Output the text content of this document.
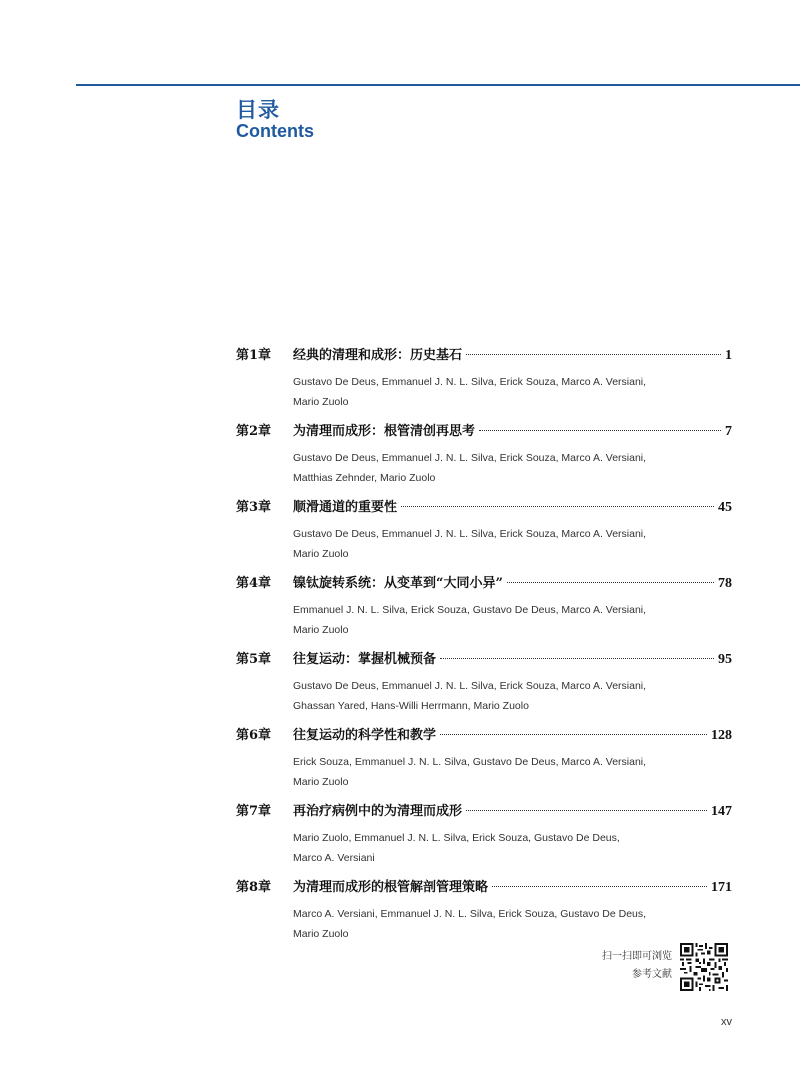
目录
Contents
第1章 经典的清理和成形：历史基石	1
Gustavo De Deus, Emmanuel J. N. L. Silva, Erick Souza, Marco A. Versiani,
Mario Zuolo
第2章 为清理而成形：根管清创再思考	7
Gustavo De Deus, Emmanuel J. N. L. Silva, Erick Souza, Marco A. Versiani,
Matthias Zehnder, Mario Zuolo
第3章 顺滑通道的重要性	45
Gustavo De Deus, Emmanuel J. N. L. Silva, Erick Souza, Marco A. Versiani,
Mario Zuolo
第4章 镍钛旋转系统：从变革到“大同小异”	78
Emmanuel J. N. L. Silva, Erick Souza, Gustavo De Deus, Marco A. Versiani,
Mario Zuolo
第5章 往复运动：掌握机械预备	95
Gustavo De Deus, Emmanuel J. N. L. Silva, Erick Souza, Marco A. Versiani,
Ghassan Yared, Hans-Willi Herrmann, Mario Zuolo
第6章 往复运动的科学性和教学	128
Erick Souza, Emmanuel J. N. L. Silva, Gustavo De Deus, Marco A. Versiani,
Mario Zuolo
第7章 再治疗病例中的为清理而成形	147
Mario Zuolo, Emmanuel J. N. L. Silva, Erick Souza, Gustavo De Deus,
Marco A. Versiani
第8章 为清理而成形的根管解剖管理策略	171
Marco A. Versiani, Emmanuel J. N. L. Silva, Erick Souza, Gustavo De Deus,
Mario Zuolo
扫一扫即可浏览
参考文献
xv
